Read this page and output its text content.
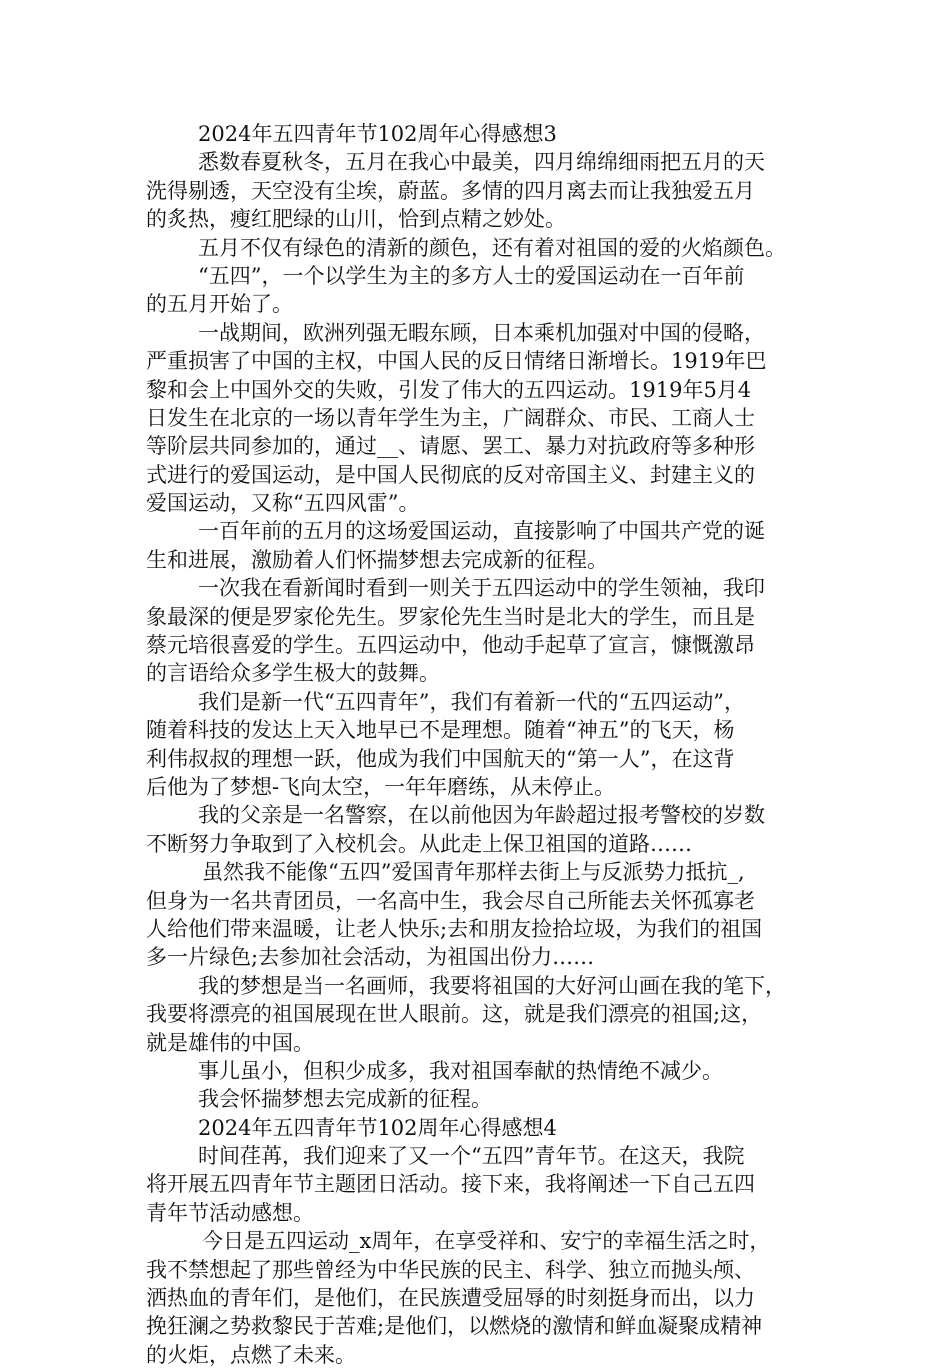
2024年五四青年节102周年心得感想3
悉数春夏秋冬，五月在我心中最美，四月绵绵细雨把五月的天
洗得剔透，天空没有尘埃，蔚蓝。多情的四月离去而让我独爱五月
的炙热，瘦红肥绿的山川，恰到点精之妙处。
五月不仅有绿色的清新的颜色，还有着对祖国的爱的火焰颜色。
“五四”，一个以学生为主的多方人士的爱国运动在一百年前
的五月开始了。
一战期间，欧洲列强无暇东顾，日本乘机加强对中国的侵略，
严重损害了中国的主权，中国人民的反日情绪日渐增长。1919年巴
黎和会上中国外交的失败，引发了伟大的五四运动。1919年5月4
日发生在北京的一场以青年学生为主，广阔群众、市民、工商人士
等阶层共同参加的，通过__、请愿、罢工、暴力对抗政府等多种形
式进行的爱国运动，是中国人民彻底的反对帝国主义、封建主义的
爱国运动，又称“五四风雷”。
一百年前的五月的这场爱国运动，直接影响了中国共产党的诞
生和进展，激励着人们怀揣梦想去完成新的征程。
一次我在看新闻时看到一则关于五四运动中的学生领袖，我印
象最深的便是罗家伦先生。罗家伦先生当时是北大的学生，而且是
蔡元培很喜爱的学生。五四运动中，他动手起草了宣言，慷慨激昂
的言语给众多学生极大的鼓舞。
我们是新一代“五四青年”，我们有着新一代的“五四运动”，
随着科技的发达上天入地早已不是理想。随着“神五”的飞天，杨
利伟叔叔的理想一跃，他成为我们中国航天的“第一人”，在这背
后他为了梦想-飞向太空，一年年磨练，从未停止。
我的父亲是一名警察，在以前他因为年龄超过报考警校的岁数
不断努力争取到了入校机会。从此走上保卫祖国的道路……
虽然我不能像“五四”爱国青年那样去街上与反派势力抵抗_,
但身为一名共青团员，一名高中生，我会尽自己所能去关怀孤寡老
人给他们带来温暖，让老人快乐;去和朋友捡拾垃圾，为我们的祖国
多一片绿色;去参加社会活动，为祖国出份力……
我的梦想是当一名画师，我要将祖国的大好河山画在我的笔下，
我要将漂亮的祖国展现在世人眼前。这，就是我们漂亮的祖国;这，
就是雄伟的中国。
事儿虽小，但积少成多，我对祖国奉献的热情绝不减少。
我会怀揣梦想去完成新的征程。
2024年五四青年节102周年心得感想4
时间荏苒，我们迎来了又一个“五四”青年节。在这天，我院
将开展五四青年节主题团日活动。接下来，我将阐述一下自己五四
青年节活动感想。
今日是五四运动_x周年，在享受祥和、安宁的幸福生活之时，
我不禁想起了那些曾经为中华民族的民主、科学、独立而抛头颅、
洒热血的青年们，是他们，在民族遭受屈辱的时刻挺身而出，以力
挽狂澜之势救黎民于苦难;是他们，以燃烧的激情和鲜血凝聚成精神
的火炬，点燃了未来。
